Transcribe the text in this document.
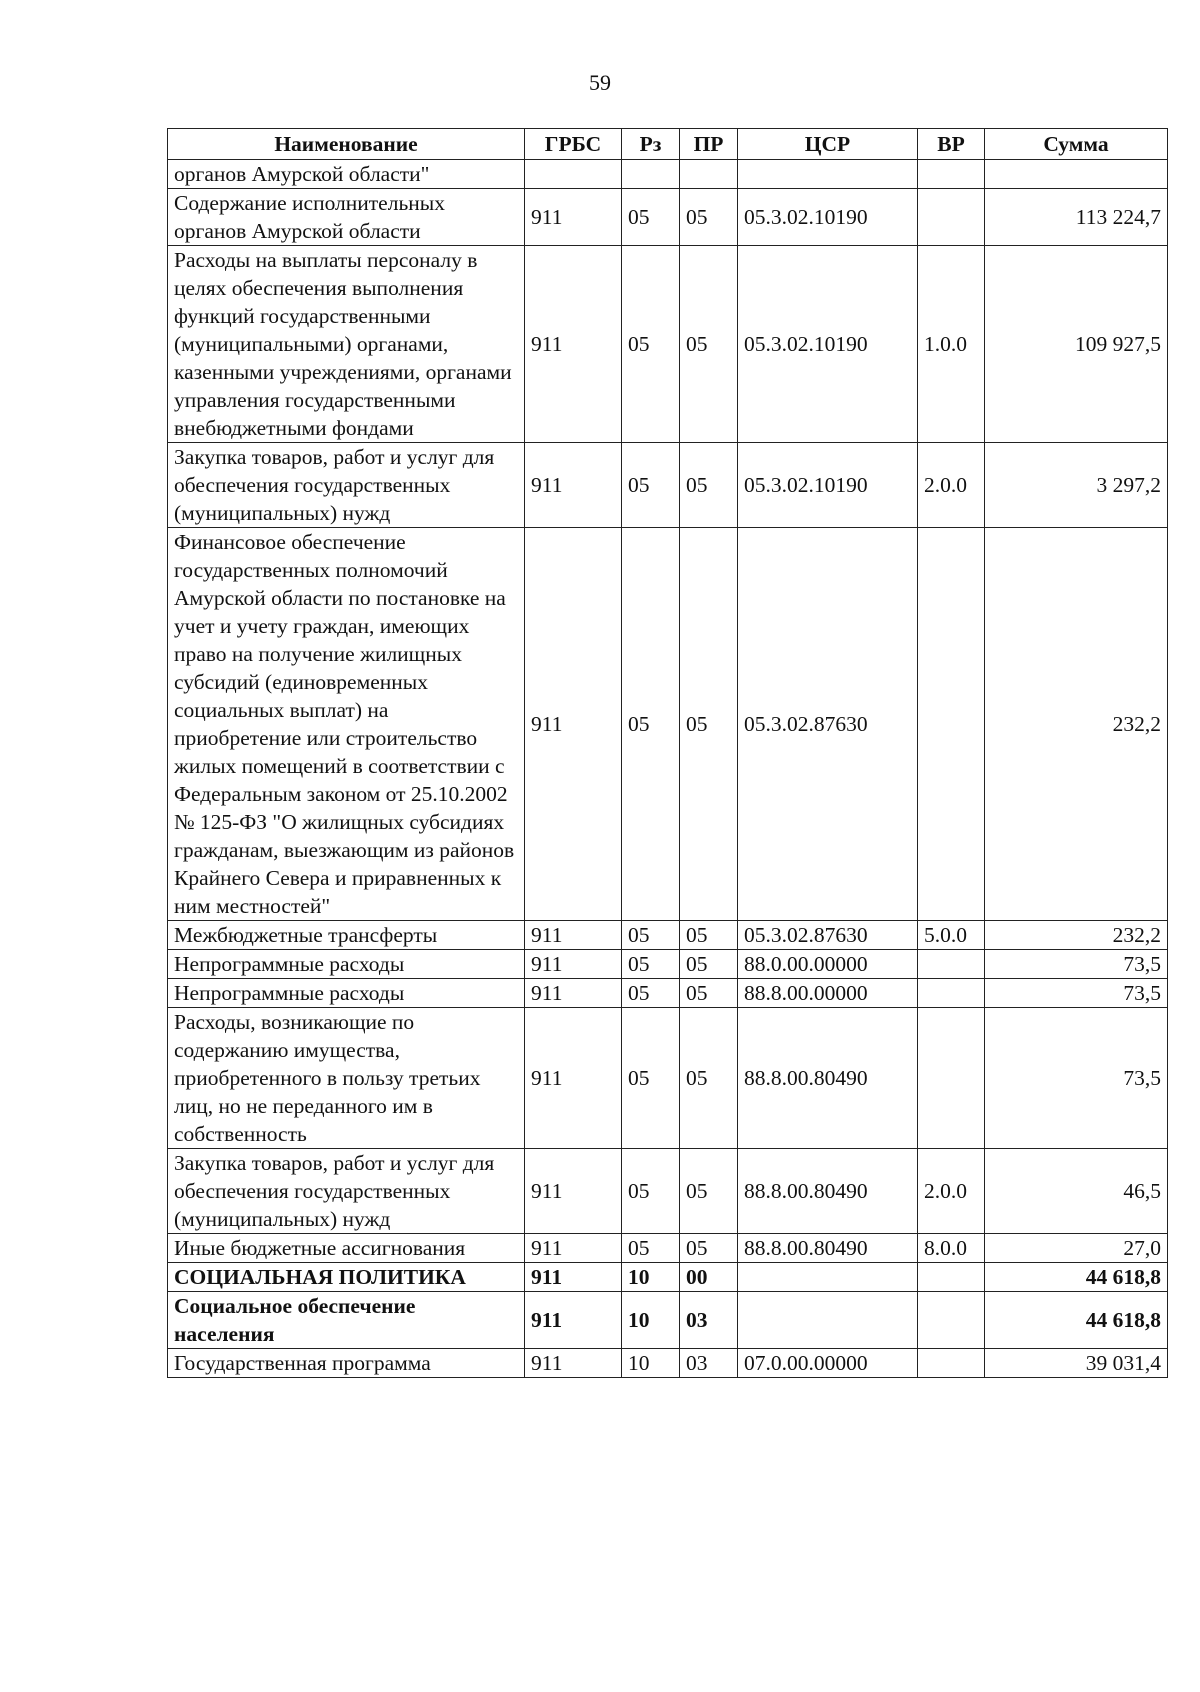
59
Наименование	ГРБС	Рз	ПР	ЦСР	ВР	Сумма
органов Амурской области"						
Содержание исполнительных органов Амурской области	911	05	05	05.3.02.10190		113 224,7
Расходы на выплаты персоналу в целях обеспечения выполнения функций государственными (муниципальными) органами, казенными учреждениями, органами управления государственными внебюджетными фондами	911	05	05	05.3.02.10190	1.0.0	109 927,5
Закупка товаров, работ и услуг для обеспечения государственных (муниципальных) нужд	911	05	05	05.3.02.10190	2.0.0	3 297,2
Финансовое обеспечение государственных полномочий Амурской области по постановке на учет и учету граждан, имеющих право на получение жилищных субсидий (единовременных социальных выплат) на приобретение или строительство жилых помещений в соответствии с Федеральным законом от 25.10.2002 № 125-ФЗ "О жилищных субсидиях гражданам, выезжающим из районов Крайнего Севера и приравненных к ним местностей"	911	05	05	05.3.02.87630		232,2
Межбюджетные трансферты	911	05	05	05.3.02.87630	5.0.0	232,2
Непрограммные расходы	911	05	05	88.0.00.00000		73,5
Непрограммные расходы	911	05	05	88.8.00.00000		73,5
Расходы, возникающие по содержанию имущества, приобретенного в пользу третьих лиц, но не переданного им в собственность	911	05	05	88.8.00.80490		73,5
Закупка товаров, работ и услуг для обеспечения государственных (муниципальных) нужд	911	05	05	88.8.00.80490	2.0.0	46,5
Иные бюджетные ассигнования	911	05	05	88.8.00.80490	8.0.0	27,0
СОЦИАЛЬНАЯ ПОЛИТИКА	911	10	00			44 618,8
Социальное обеспечение населения	911	10	03			44 618,8
Государственная программа	911	10	03	07.0.00.00000		39 031,4
